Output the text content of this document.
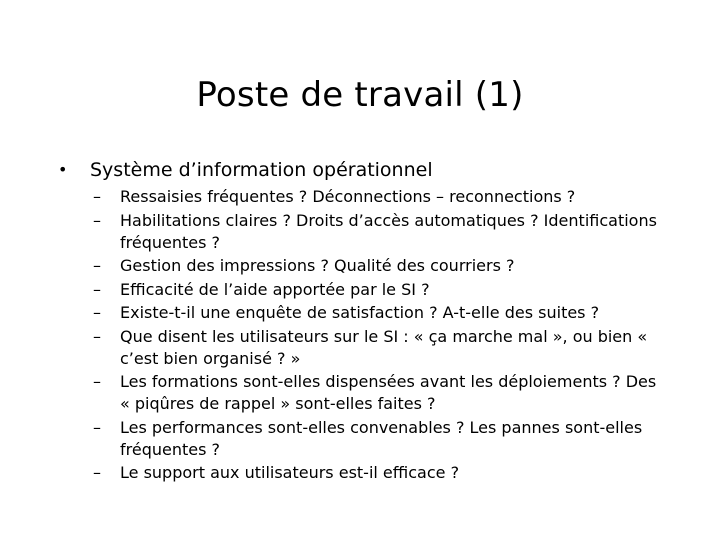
Poste de travail (1)
• Système d’information opérationnel
– Ressaisies fréquentes ? Déconnections – reconnections ?
– Habilitations claires ? Droits d’accès automatiques ? Identifications fréquentes ?
– Gestion des impressions ? Qualité des courriers ?
– Efficacité de l’aide apportée par le SI ?
– Existe-t-il une enquête de satisfaction ? A-t-elle des suites ?
– Que disent les utilisateurs sur le SI : « ça marche mal », ou bien « c’est bien organisé ? »
– Les formations sont-elles dispensées avant les déploiements ? Des « piqûres de rappel » sont-elles faites ?
– Les performances sont-elles convenables ? Les pannes sont-elles fréquentes ?
– Le support aux utilisateurs est-il efficace ?
